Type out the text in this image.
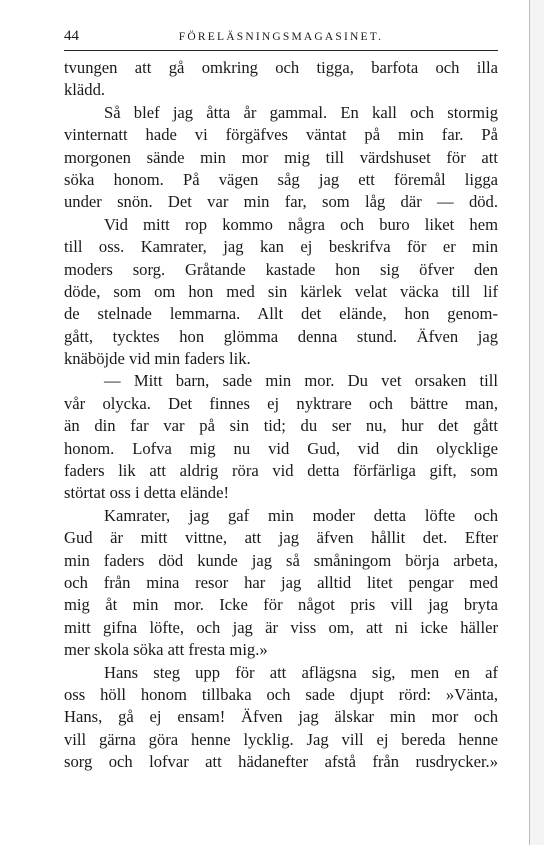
44	FÖRELÄSNINGSMAGASINET.
tvungen att gå omkring och tigga, barfota och illa
klädd.
Så blef jag åtta år gammal. En kall och stormig
vinternatt hade vi förgäfves väntat på min far. På
morgonen sände min mor mig till värdshuset för att
söka honom. På vägen såg jag ett föremål ligga
under snön. Det var min far, som låg där — död.
Vid mitt rop kommo några och buro liket hem
till oss. Kamrater, jag kan ej beskrifva för er min
moders sorg. Gråtande kastade hon sig öfver den
döde, som om hon med sin kärlek velat väcka till lif
de stelnade lemmarna. Allt det elände, hon genom-
gått, tycktes hon glömma denna stund. Äfven jag
knäböjde vid min faders lik.
— Mitt barn, sade min mor. Du vet orsaken till
vår olycka. Det finnes ej nyktrare och bättre man,
än din far var på sin tid; du ser nu, hur det gått
honom. Lofva mig nu vid Gud, vid din olycklige
faders lik att aldrig röra vid detta förfärliga gift, som
störtat oss i detta elände!
Kamrater, jag gaf min moder detta löfte och
Gud är mitt vittne, att jag äfven hållit det. Efter
min faders död kunde jag så småningom börja arbeta,
och från mina resor har jag alltid litet pengar med
mig åt min mor. Icke för något pris vill jag bryta
mitt gifna löfte, och jag är viss om, att ni icke häller
mer skola söka att fresta mig.»
Hans steg upp för att aflägsna sig, men en af
oss höll honom tillbaka och sade djupt rörd: »Vänta,
Hans, gå ej ensam! Äfven jag älskar min mor och
vill gärna göra henne lycklig. Jag vill ej bereda henne
sorg och lofvar att hädanefter afstå från rusdrycker.»
